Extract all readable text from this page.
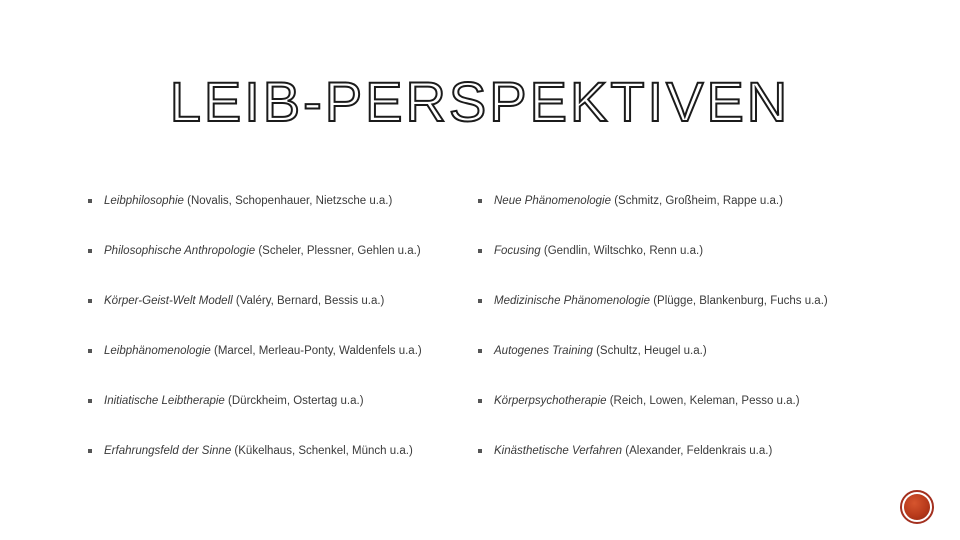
LEIB-PERSPEKTIVEN
Leibphilosophie (Novalis, Schopenhauer, Nietzsche u.a.)
Philosophische Anthropologie (Scheler, Plessner, Gehlen u.a.)
Körper-Geist-Welt Modell (Valéry, Bernard, Bessis u.a.)
Leibphänomenologie (Marcel, Merleau-Ponty, Waldenfels u.a.)
Initiatische Leibtherapie (Dürckheim, Ostertag u.a.)
Erfahrungsfeld der Sinne (Kükelhaus, Schenkel, Münch u.a.)
Neue Phänomenologie (Schmitz, Großheim, Rappe u.a.)
Focusing (Gendlin, Wiltschko, Renn u.a.)
Medizinische Phänomenologie (Plügge, Blankenburg, Fuchs u.a.)
Autogenes Training (Schultz, Heugel u.a.)
Körperpsychotherapie (Reich, Lowen, Keleman, Pesso u.a.)
Kinästhetische Verfahren (Alexander, Feldenkrais u.a.)
